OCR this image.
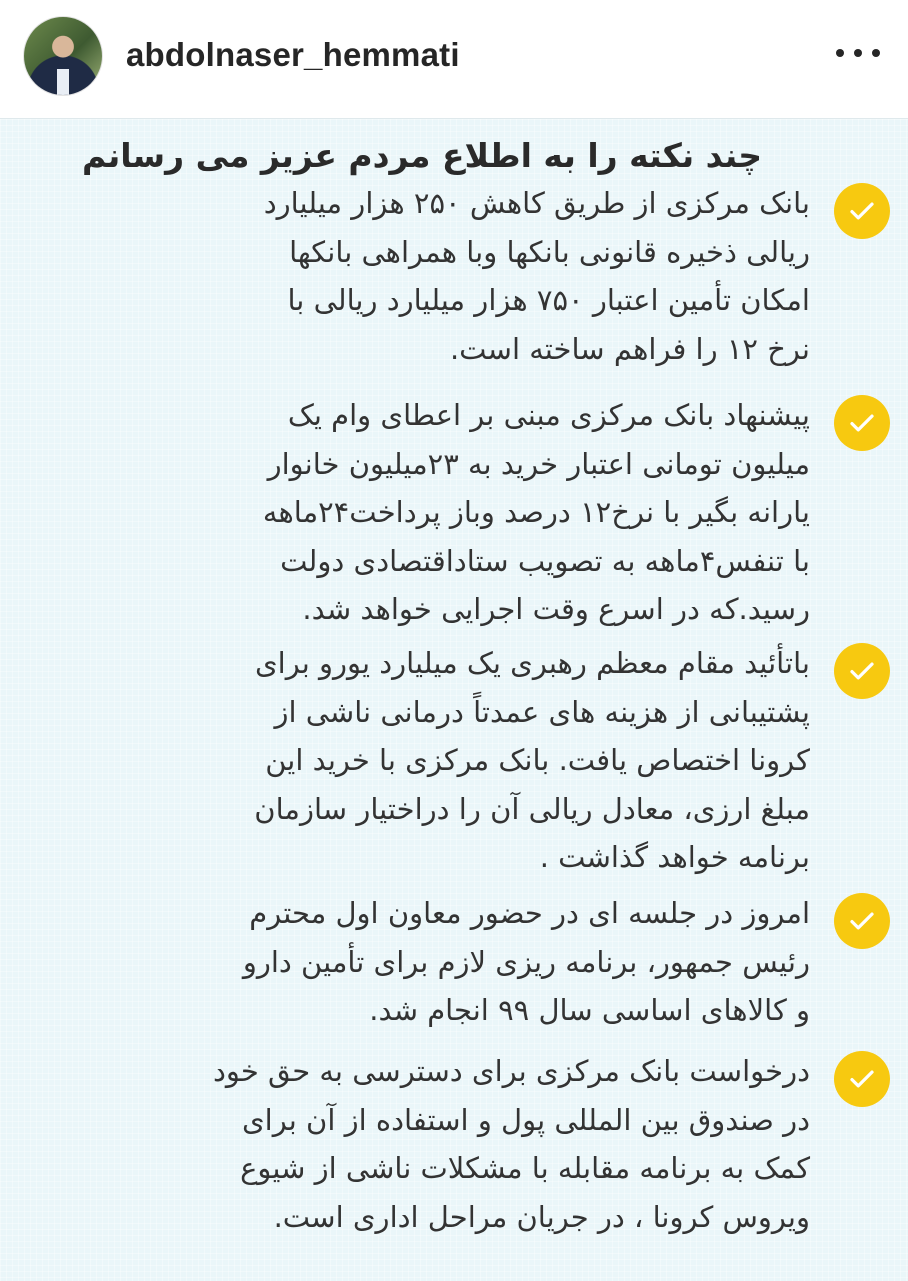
abdolnaser_hemmati
چند نکته را به اطلاع مردم عزیز می رسانم
بانک مرکزی از طریق کاهش ۲۵۰ هزار میلیارد
ریالی ذخیره قانونی بانکها وبا همراهی بانکها
امکان تأمین اعتبار ۷۵۰ هزار میلیارد ریالی با
نرخ ۱۲ را فراهم ساخته است.
پیشنهاد بانک مرکزی مبنی بر اعطای وام یک
میلیون تومانی اعتبار خرید به ۲۳میلیون خانوار
یارانه بگیر با نرخ۱۲ درصد وباز پرداخت۲۴ماهه
با تنفس۴ماهه به تصویب ستاداقتصادی دولت
رسید.که در اسرع وقت اجرایی خواهد شد.
باتأئید مقام معظم رهبری یک میلیارد یورو برای
پشتیبانی از هزینه های عمدتاً درمانی ناشی از
کرونا اختصاص یافت. بانک مرکزی با خرید این
مبلغ ارزی، معادل ریالی آن را دراختیار سازمان
برنامه خواهد گذاشت .
امروز در جلسه ای در حضور معاون اول محترم
رئیس جمهور، برنامه ریزی لازم برای تأمین دارو
و کالاهای اساسی سال ۹۹ انجام شد.
درخواست بانک مرکزی برای دسترسی به حق خود
در صندوق بین المللی پول و استفاده از آن برای
کمک به برنامه مقابله با مشکلات ناشی از شیوع
ویروس کرونا ، در جریان مراحل اداری است.
